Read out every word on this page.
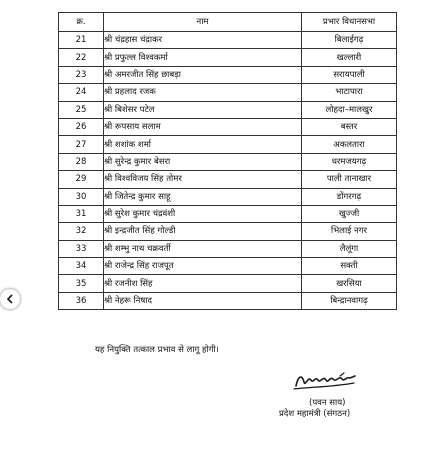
क्र.	नाम	प्रभार विधानसभा
21	श्री चंद्रहास चंद्राकर	बिलाईगढ़
22	श्री प्रफुल्ल विश्वकर्मा	खल्लारी
23	श्री अमरजीत सिंह छाबड़ा	सरायपाली
24	श्री प्रहलाद रजक	भाटापारा
25	श्री बिशेसर पटेल	लोहदा–मालखुर
26	श्री रूपसाय सलाम	बस्तर
27	श्री शशांक शर्मा	अकलतारा
28	श्री सुरेन्द्र कुमार बेसरा	धरमजयगढ़
29	श्री विश्वविजय सिंह तोमर	पाली तानाखार
30	श्री जितेन्द्र कुमार साहू	डोंगरगढ़
31	श्री सुरेश कुमार चंद्रवंशी	खुज्जी
32	श्री इन्द्रजीत सिंह गोल्डी	भिलाई नगर
33	श्री शम्भु नाथ चक्रवर्ती	लैलूंगा
34	श्री राजेन्द्र सिंह राजपूत	सक्ती
35	श्री रजनीश सिंह	खरसिया
36	श्री नेहरू निषाद	बिन्द्रानवागढ़
यह नियुक्ति तत्काल प्रभाव से लागू होगी।
(पवन साय)
प्रदेश महामंत्री (संगठन)
